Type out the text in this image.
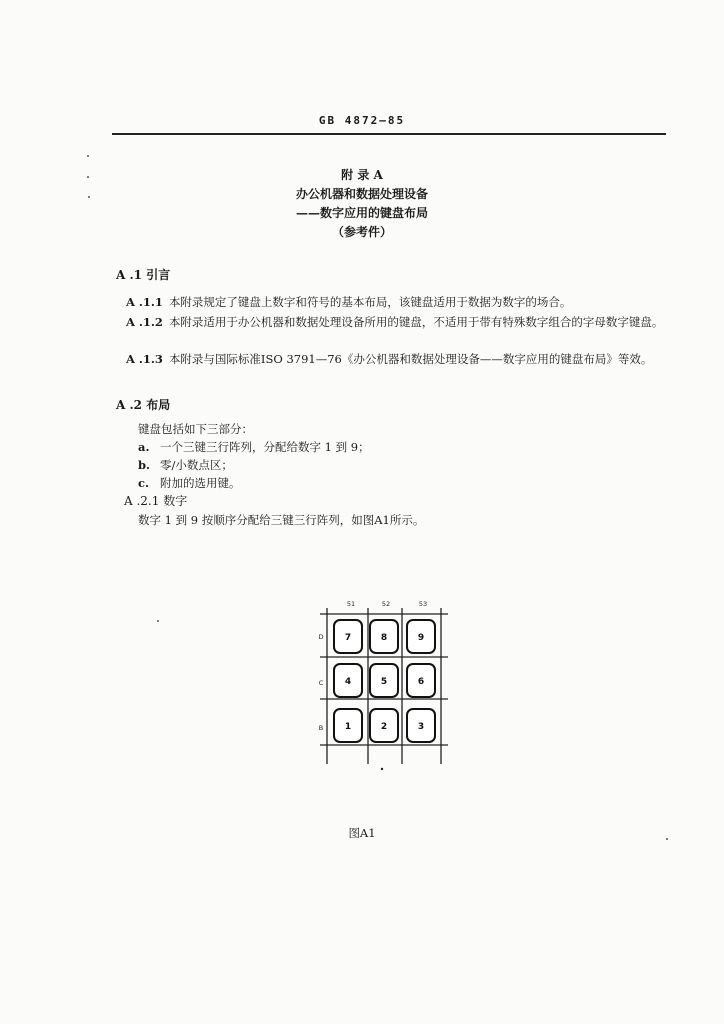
GB 4872—85
附 录 A
办公机器和数据处理设备
——数字应用的键盘布局
（参考件）
A .1 引言
A .1.1 本附录规定了键盘上数字和符号的基本布局，该键盘适用于数据为数字的场合。
A .1.2 本附录适用于办公机器和数据处理设备所用的键盘，不适用于带有特殊数字组合的字母数字键盘。
A .1.3 本附录与国际标准ISO 3791—76《办公机器和数据处理设备——数字应用的键盘布局》等效。
A .2 布局
键盘包括如下三部分：
a. 一个三键三行阵列，分配给数字 1 到 9；
b. 零/小数点区；
c. 附加的选用键。
A .2.1 数字
数字 1 到 9 按顺序分配给三键三行阵列，如图A1所示。
51	52	53
D
C
B
7	8	9
4	5	6
1	2	3
图A1
